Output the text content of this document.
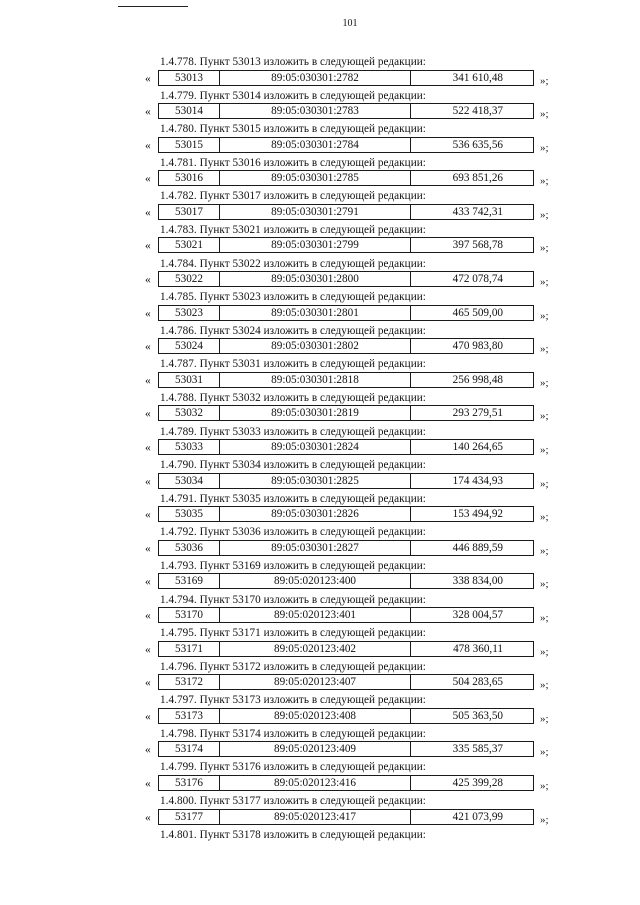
101
1.4.778. Пункт 53013 изложить в следующей редакции:
«	53013	89:05:030301:2782	341 610,48	»;
1.4.779. Пункт 53014 изложить в следующей редакции:
«	53014	89:05:030301:2783	522 418,37	»;
1.4.780. Пункт 53015 изложить в следующей редакции:
«	53015	89:05:030301:2784	536 635,56	»;
1.4.781. Пункт 53016 изложить в следующей редакции:
«	53016	89:05:030301:2785	693 851,26	»;
1.4.782. Пункт 53017 изложить в следующей редакции:
«	53017	89:05:030301:2791	433 742,31	»;
1.4.783. Пункт 53021 изложить в следующей редакции:
«	53021	89:05:030301:2799	397 568,78	»;
1.4.784. Пункт 53022 изложить в следующей редакции:
«	53022	89:05:030301:2800	472 078,74	»;
1.4.785. Пункт 53023 изложить в следующей редакции:
«	53023	89:05:030301:2801	465 509,00	»;
1.4.786. Пункт 53024 изложить в следующей редакции:
«	53024	89:05:030301:2802	470 983,80	»;
1.4.787. Пункт 53031 изложить в следующей редакции:
«	53031	89:05:030301:2818	256 998,48	»;
1.4.788. Пункт 53032 изложить в следующей редакции:
«	53032	89:05:030301:2819	293 279,51	»;
1.4.789. Пункт 53033 изложить в следующей редакции:
«	53033	89:05:030301:2824	140 264,65	»;
1.4.790. Пункт 53034 изложить в следующей редакции:
«	53034	89:05:030301:2825	174 434,93	»;
1.4.791. Пункт 53035 изложить в следующей редакции:
«	53035	89:05:030301:2826	153 494,92	»;
1.4.792. Пункт 53036 изложить в следующей редакции:
«	53036	89:05:030301:2827	446 889,59	»;
1.4.793. Пункт 53169 изложить в следующей редакции:
«	53169	89:05:020123:400	338 834,00	»;
1.4.794. Пункт 53170 изложить в следующей редакции:
«	53170	89:05:020123:401	328 004,57	»;
1.4.795. Пункт 53171 изложить в следующей редакции:
«	53171	89:05:020123:402	478 360,11	»;
1.4.796. Пункт 53172 изложить в следующей редакции:
«	53172	89:05:020123:407	504 283,65	»;
1.4.797. Пункт 53173 изложить в следующей редакции:
«	53173	89:05:020123:408	505 363,50	»;
1.4.798. Пункт 53174 изложить в следующей редакции:
«	53174	89:05:020123:409	335 585,37	»;
1.4.799. Пункт 53176 изложить в следующей редакции:
«	53176	89:05:020123:416	425 399,28	»;
1.4.800. Пункт 53177 изложить в следующей редакции:
«	53177	89:05:020123:417	421 073,99	»;
1.4.801. Пункт 53178 изложить в следующей редакции:
